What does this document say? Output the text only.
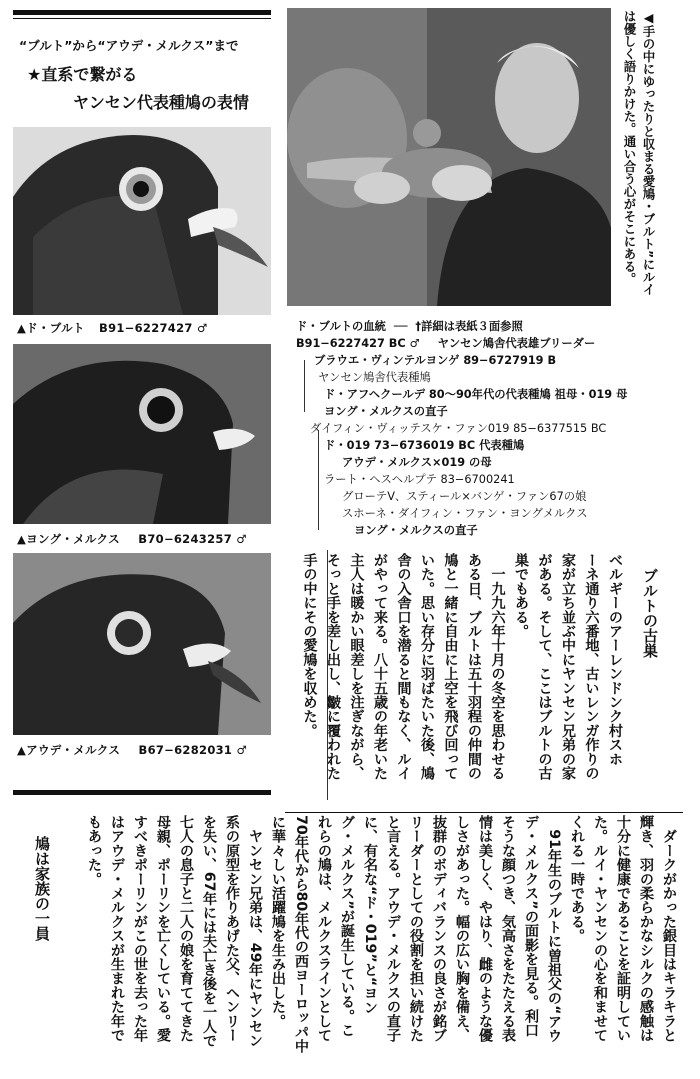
“ブルト”から“アウデ・メルクス”まで
★直系で繋がる
ヤンセン代表種鳩の表情
▲ド・ブルト B91−6227427 ♂
▲ヨング・メルクス B70−6243257 ♂
▲アウデ・メルクス B67−6282031 ♂
◀手の中にゆったりと収まる愛鳩・ブルト”にルイは優しく語りかけた。通い合う心がそこにある。
ド・ブルトの血統 ── †詳細は表紙３面参照
B91−6227427 BC ♂ ヤンセン鳩舎代表雄ブリーダー
ブラウエ・ヴィンテルヨンゲ 89−6727919 B
ヤンセン鳩舎代表種鳩
ド・アフヘクールデ 80〜90年代の代表種鳩 祖母・019 母
ヨング・メルクスの直子
ダイフィン・ヴィッテスケ・ファン019 85−6377515 BC
ド・019 73−6736019 BC 代表種鳩
アウデ・メルクス×019 の母
ラート・ヘスヘルプテ 83−6700241
グローテV、スティール×バンゲ・ファン67の娘
スホーネ・ダイフィン・ファン・ヨングメルクス
ヨング・メルクスの直子
ブルトの古巣
ベルギーのアーレンドンク村スホ
ーネ通り六番地、古いレンガ作りの
家が立ち並ぶ中にヤンセン兄弟の家
がある。そして、ここはブルトの古
巣でもある。
　一九九六年十月の冬空を思わせる
ある日、ブルトは五十羽程の仲間の
鳩と一緒に自由に上空を飛び回って
いた。思い存分に羽ばたいた後、鳩
舎の入舎口を潜ると間もなく、ルイ
がやって来る。八十五歳の年老いた
主人は暖かい眼差しを注ぎながら、
そっと手を差し出し、皺に覆われた
手の中にその愛鳩を収めた。
鳩は家族の一員	　ダークがかった銀目はキラキラと
輝き、羽の柔らかなシルクの感触は
十分に健康であることを証明してい
た。ルイ・ヤンセンの心を和ませて
くれる一時である。
　91年生のブルトに曽祖父の“アウ
デ・メルクス”の面影を見る。利口
そうな顔つき、気高さをたたえる表
情は美しく、やはり、雌のような優
しさがあった。幅の広い胸を備え、
抜群のボディバランスの良さが銘ブ
リーダーとしての役割を担い続けた
と言える。アウデ・メルクスの直子
に、有名な“ド・019”と“ヨン
グ・メルクス”が誕生している。こ
れらの鳩は、メルクスラインとして
70年代から80年代の西ヨーロッパ中
に華々しい活躍鳩を生み出した。
　ヤンセン兄弟は、49年にヤンセン
系の原型を作りあげた父、ヘンリー
を失い、67年には夫亡き後を一人で
七人の息子と二人の娘を育ててきた
母親、ポーリンを亡くしている。愛
すべきポーリンがこの世を去った年
はアウデ・メルクスが生まれた年で
もあった。
